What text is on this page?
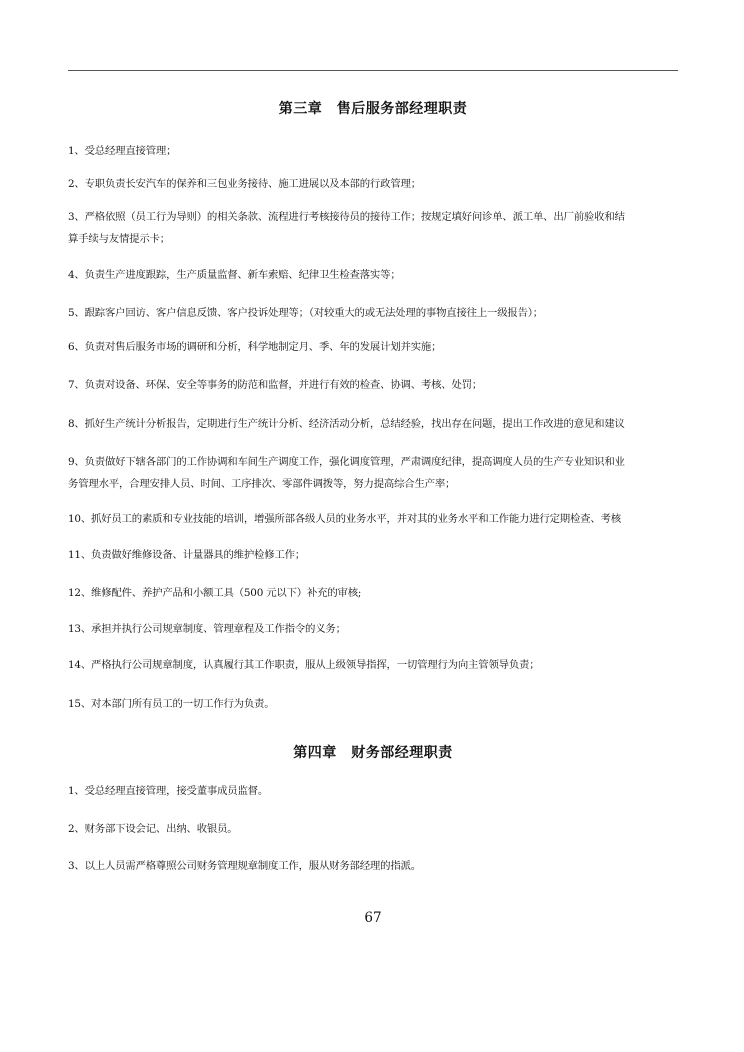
第三章　售后服务部经理职责
1、受总经理直接管理；
2、专职负责长安汽车的保养和三包业务接待、施工进展以及本部的行政管理；
3、严格依照（员工行为导则）的相关条款、流程进行考核接待员的接待工作；按规定填好问诊单、派工单、出厂前验收和结
算手续与友情提示卡；
4、负责生产进度跟踪，生产质量监督、新车索赔、纪律卫生检查落实等；
5、跟踪客户回访、客户信息反馈、客户投诉处理等；（对较重大的或无法处理的事物直接往上一级报告）；
6、负责对售后服务市场的调研和分析，科学地制定月、季、年的发展计划并实施；
7、负责对设备、环保、安全等事务的防范和监督，并进行有效的检查、协调、考核、处罚；
8、抓好生产统计分析报告，定期进行生产统计分析、经济活动分析，总结经验，找出存在问题，提出工作改进的意见和建议
9、负责做好下辖各部门的工作协调和车间生产调度工作，强化调度管理，严肃调度纪律，提高调度人员的生产专业知识和业
务管理水平，合理安排人员、时间、工序排次、零部件调拨等，努力提高综合生产率；
10、抓好员工的素质和专业技能的培训，增强所部各级人员的业务水平，并对其的业务水平和工作能力进行定期检查、考核
11、负责做好维修设备、计量器具的维护检修工作；
12、维修配件、养护产品和小额工具（500 元以下）补充的审核;
13、承担并执行公司规章制度、管理章程及工作指令的义务；
14、严格执行公司规章制度，认真履行其工作职责，服从上级领导指挥，一切管理行为向主管领导负责；
15、对本部门所有员工的一切工作行为负责。
第四章　财务部经理职责
1、受总经理直接管理，接受董事成员监督。
2、财务部下设会记、出纳、收银员。
3、以上人员需严格尊照公司财务管理规章制度工作，服从财务部经理的指派。
67
